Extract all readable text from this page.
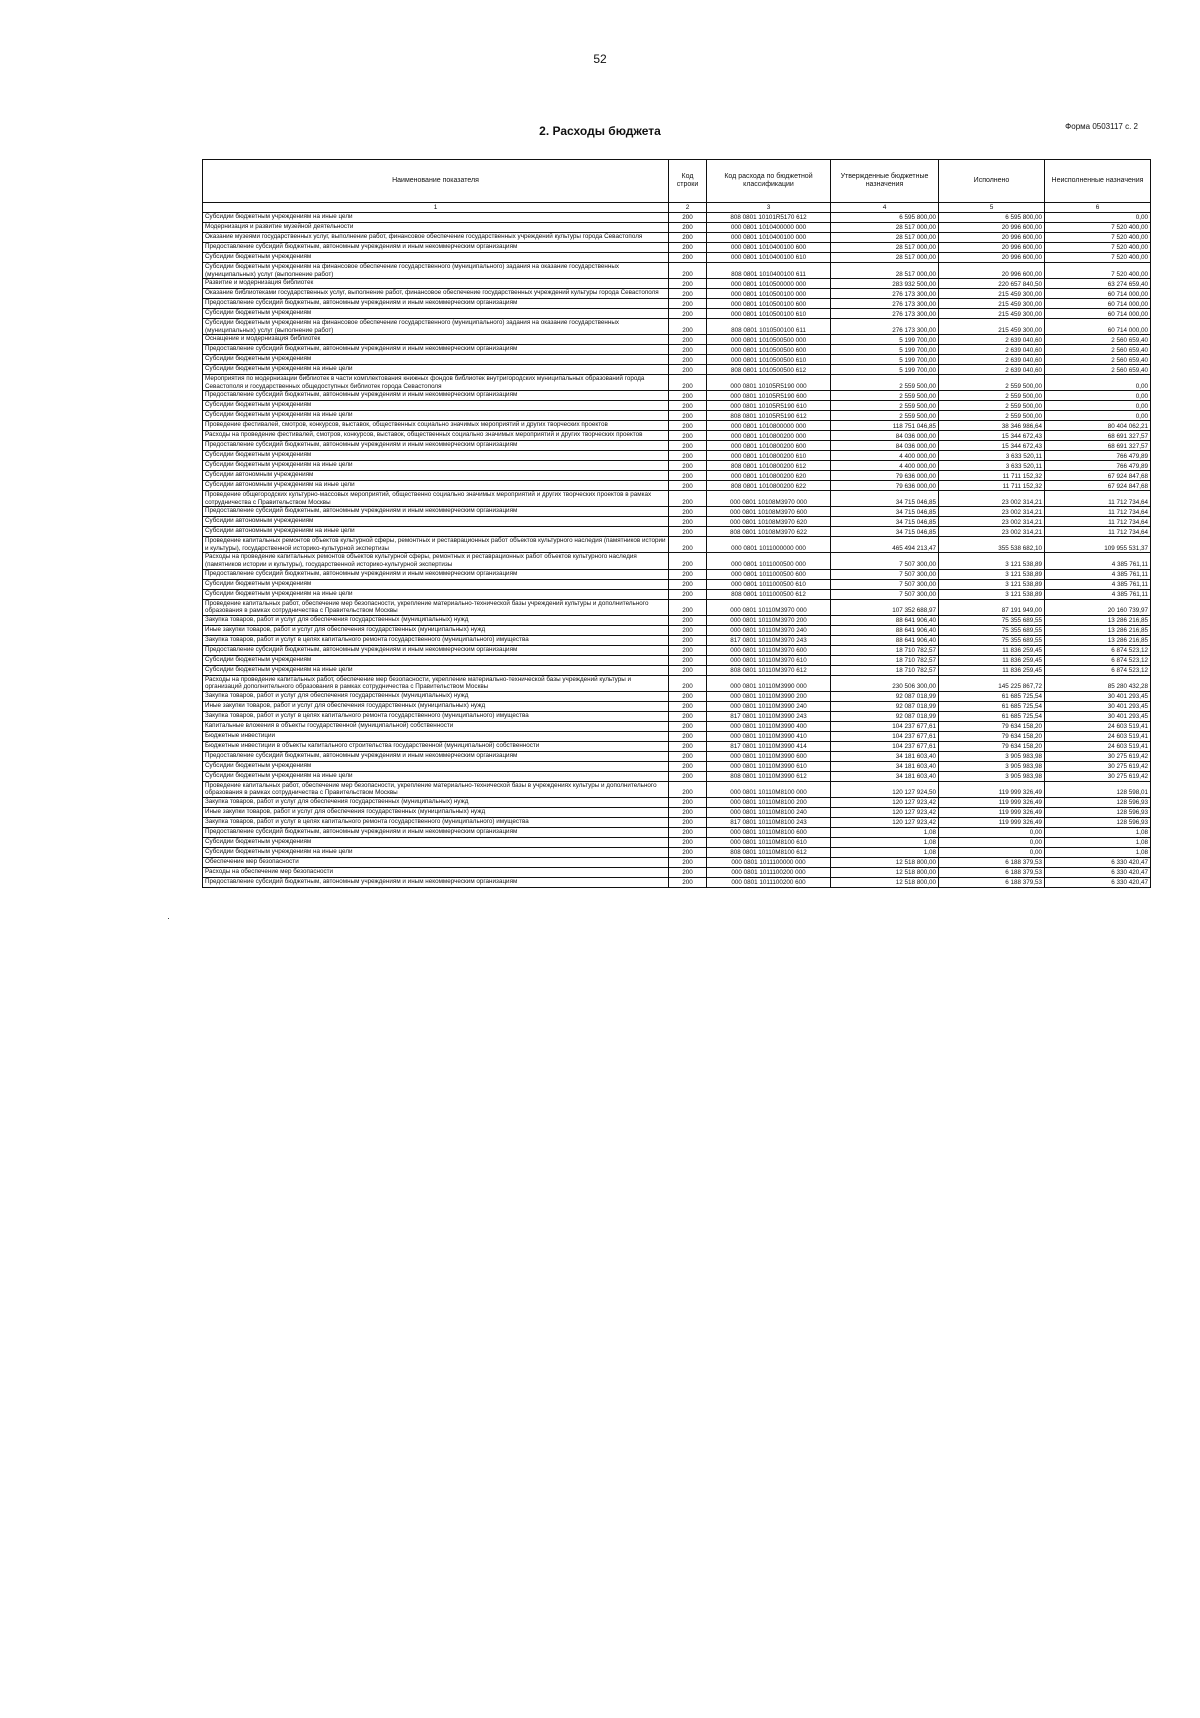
52
Форма 0503117 с. 2
2. Расходы бюджета
·
Наименование показателя	Код строки	Код расхода по бюджетной классификации	Утвержденные бюджетные назначения	Исполнено	Неисполненные назначения
1	2	3	4	5	6
Субсидии бюджетным учреждениям на иные цели	200	808 0801 10101R5170 612	6 595 800,00	6 595 800,00	0,00
Модернизация и развитие музейной деятельности	200	000 0801 1010400000 000	28 517 000,00	20 996 600,00	7 520 400,00
Оказание музеями государственных услуг, выполнение работ, финансовое обеспечение государственных учреждений культуры города Севастополя	200	000 0801 1010400100 000	28 517 000,00	20 996 600,00	7 520 400,00
Предоставление субсидий бюджетным, автономным учреждениям и иным некоммерческим организациям	200	000 0801 1010400100 600	28 517 000,00	20 996 600,00	7 520 400,00
Субсидии бюджетным учреждениям	200	000 0801 1010400100 610	28 517 000,00	20 996 600,00	7 520 400,00
Субсидии бюджетным учреждениям на финансовое обеспечение государственного (муниципального) задания на оказание государственных (муниципальных) услуг (выполнение работ)	200	808 0801 1010400100 611	28 517 000,00	20 996 600,00	7 520 400,00
Развитие и модернизация библиотек	200	000 0801 1010500000 000	283 932 500,00	220 657 840,50	63 274 659,40
Оказание библиотеками государственных услуг, выполнение работ, финансовое обеспечение государственных учреждений культуры города Севастополя	200	000 0801 1010500100 000	276 173 300,00	215 459 300,00	60 714 000,00
Предоставление субсидий бюджетным, автономным учреждениям и иным некоммерческим организациям	200	000 0801 1010500100 600	276 173 300,00	215 459 300,00	60 714 000,00
Субсидии бюджетным учреждениям	200	000 0801 1010500100 610	276 173 300,00	215 459 300,00	60 714 000,00
Субсидии бюджетным учреждениям на финансовое обеспечение государственного (муниципального) задания на оказание государственных (муниципальных) услуг (выполнение работ)	200	808 0801 1010500100 611	276 173 300,00	215 459 300,00	60 714 000,00
Оснащение и модернизация библиотек	200	000 0801 1010500500 000	5 199 700,00	2 639 040,60	2 560 659,40
Предоставление субсидий бюджетным, автономным учреждениям и иным некоммерческим организациям	200	000 0801 1010500500 600	5 199 700,00	2 639 040,60	2 560 659,40
Субсидии бюджетным учреждениям	200	000 0801 1010500500 610	5 199 700,00	2 639 040,60	2 560 659,40
Субсидии бюджетным учреждениям на иные цели	200	808 0801 1010500500 612	5 199 700,00	2 639 040,60	2 560 659,40
Мероприятия по модернизации библиотек в части комплектования книжных фондов библиотек внутригородских муниципальных образований города Севастополя и государственных общедоступных библиотек города Севастополя	200	000 0801 10105R5190 000	2 559 500,00	2 559 500,00	0,00
Предоставление субсидий бюджетным, автономным учреждениям и иным некоммерческим организациям	200	000 0801 10105R5190 600	2 559 500,00	2 559 500,00	0,00
Субсидии бюджетным учреждениям	200	000 0801 10105R5190 610	2 559 500,00	2 559 500,00	0,00
Субсидии бюджетным учреждениям на иные цели	200	808 0801 10105R5190 612	2 559 500,00	2 559 500,00	0,00
Проведение фестивалей, смотров, конкурсов, выставок, общественных социально значимых мероприятий и других творческих проектов	200	000 0801 1010800000 000	118 751 046,85	38 346 986,64	80 404 062,21
Расходы на проведение фестивалей, смотров, конкурсов, выставок, общественных социально значимых мероприятий и других творческих проектов	200	000 0801 1010800200 000	84 036 000,00	15 344 672,43	68 691 327,57
Предоставление субсидий бюджетным, автономным учреждениям и иным некоммерческим организациям	200	000 0801 1010800200 600	84 036 000,00	15 344 672,43	68 691 327,57
Субсидии бюджетным учреждениям	200	000 0801 1010800200 610	4 400 000,00	3 633 520,11	766 479,89
Субсидии бюджетным учреждениям на иные цели	200	808 0801 1010800200 612	4 400 000,00	3 633 520,11	766 479,89
Субсидии автономным учреждениям	200	000 0801 1010800200 620	79 636 000,00	11 711 152,32	67 924 847,68
Субсидии автономным учреждениям на иные цели	200	808 0801 1010800200 622	79 636 000,00	11 711 152,32	67 924 847,68
Проведение общегородских культурно-массовых мероприятий, общественно социально значимых мероприятий и других творческих проектов в рамках сотрудничества с Правительством Москвы	200	000 0801 10108М3970 000	34 715 046,85	23 002 314,21	11 712 734,64
Предоставление субсидий бюджетным, автономным учреждениям и иным некоммерческим организациям	200	000 0801 10108М3970 600	34 715 046,85	23 002 314,21	11 712 734,64
Субсидии автономным учреждениям	200	000 0801 10108М3970 620	34 715 046,85	23 002 314,21	11 712 734,64
Субсидии автономным учреждениям на иные цели	200	808 0801 10108М3970 622	34 715 046,85	23 002 314,21	11 712 734,64
Проведение капитальных ремонтов объектов культурной сферы, ремонтных и реставрационных работ объектов культурного наследия (памятников истории и культуры), государственной историко-культурной экспертизы	200	000 0801 1011000000 000	465 494 213,47	355 538 682,10	109 955 531,37
Расходы на проведение капитальных ремонтов объектов культурной сферы, ремонтных и реставрационных работ объектов культурного наследия (памятников истории и культуры), государственной историко-культурной экспертизы	200	000 0801 1011000500 000	7 507 300,00	3 121 538,89	4 385 761,11
Предоставление субсидий бюджетным, автономным учреждениям и иным некоммерческим организациям	200	000 0801 1011000500 600	7 507 300,00	3 121 538,89	4 385 761,11
Субсидии бюджетным учреждениям	200	000 0801 1011000500 610	7 507 300,00	3 121 538,89	4 385 761,11
Субсидии бюджетным учреждениям на иные цели	200	808 0801 1011000500 612	7 507 300,00	3 121 538,89	4 385 761,11
Проведение капитальных работ, обеспечение мер безопасности, укрепление материально-технической базы учреждений культуры и дополнительного образования в рамках сотрудничества с Правительством Москвы	200	000 0801 10110М3970 000	107 352 688,97	87 191 949,00	20 160 739,97
Закупка товаров, работ и услуг для обеспечения государственных (муниципальных) нужд	200	000 0801 10110М3970 200	88 641 906,40	75 355 689,55	13 286 216,85
Иные закупки товаров, работ и услуг для обеспечения государственных (муниципальных) нужд	200	000 0801 10110М3970 240	88 641 906,40	75 355 689,55	13 286 216,85
Закупка товаров, работ и услуг в целях капитального ремонта государственного (муниципального) имущества	200	817 0801 10110М3970 243	88 641 906,40	75 355 689,55	13 286 216,85
Предоставление субсидий бюджетным, автономным учреждениям и иным некоммерческим организациям	200	000 0801 10110М3970 600	18 710 782,57	11 836 259,45	6 874 523,12
Субсидии бюджетным учреждениям	200	000 0801 10110М3970 610	18 710 782,57	11 836 259,45	6 874 523,12
Субсидии бюджетным учреждениям на иные цели	200	808 0801 10110М3970 612	18 710 782,57	11 836 259,45	6 874 523,12
Расходы на проведение капитальных работ, обеспечение мер безопасности, укрепление материально-технической базы учреждений культуры и организаций дополнительного образования в рамках сотрудничества с Правительством Москвы	200	000 0801 10110М3990 000	230 506 300,00	145 225 867,72	85 280 432,28
Закупка товаров, работ и услуг для обеспечения государственных (муниципальных) нужд	200	000 0801 10110М3990 200	92 087 018,99	61 685 725,54	30 401 293,45
Иные закупки товаров, работ и услуг для обеспечения государственных (муниципальных) нужд	200	000 0801 10110М3990 240	92 087 018,99	61 685 725,54	30 401 293,45
Закупка товаров, работ и услуг в целях капитального ремонта государственного (муниципального) имущества	200	817 0801 10110М3990 243	92 087 018,99	61 685 725,54	30 401 293,45
Капитальные вложения в объекты государственной (муниципальной) собственности	200	000 0801 10110М3990 400	104 237 677,61	79 634 158,20	24 603 519,41
Бюджетные инвестиции	200	000 0801 10110М3990 410	104 237 677,61	79 634 158,20	24 603 519,41
Бюджетные инвестиции в объекты капитального строительства государственной (муниципальной) собственности	200	817 0801 10110М3990 414	104 237 677,61	79 634 158,20	24 603 519,41
Предоставление субсидий бюджетным, автономным учреждениям и иным некоммерческим организациям	200	000 0801 10110М3990 600	34 181 603,40	3 905 983,98	30 275 619,42
Субсидии бюджетным учреждениям	200	000 0801 10110М3990 610	34 181 603,40	3 905 983,98	30 275 619,42
Субсидии бюджетным учреждениям на иные цели	200	808 0801 10110М3990 612	34 181 603,40	3 905 983,98	30 275 619,42
Проведение капитальных работ, обеспечение мер безопасности, укрепление материально-технической базы в учреждениях культуры и дополнительного образования в рамках сотрудничества с Правительством Москвы	200	000 0801 10110М8100 000	120 127 924,50	119 999 326,49	128 598,01
Закупка товаров, работ и услуг для обеспечения государственных (муниципальных) нужд	200	000 0801 10110М8100 200	120 127 923,42	119 999 326,49	128 596,93
Иные закупки товаров, работ и услуг для обеспечения государственных (муниципальных) нужд	200	000 0801 10110М8100 240	120 127 923,42	119 999 326,49	128 596,93
Закупка товаров, работ и услуг в целях капитального ремонта государственного (муниципального) имущества	200	817 0801 10110М8100 243	120 127 923,42	119 999 326,49	128 596,93
Предоставление субсидий бюджетным, автономным учреждениям и иным некоммерческим организациям	200	000 0801 10110М8100 600	1,08	0,00	1,08
Субсидии бюджетным учреждениям	200	000 0801 10110М8100 610	1,08	0,00	1,08
Субсидии бюджетным учреждениям на иные цели	200	808 0801 10110М8100 612	1,08	0,00	1,08
Обеспечение мер безопасности	200	000 0801 1011100000 000	12 518 800,00	6 188 379,53	6 330 420,47
Расходы на обеспечение мер безопасности	200	000 0801 1011100200 000	12 518 800,00	6 188 379,53	6 330 420,47
Предоставление субсидий бюджетным, автономным учреждениям и иным некоммерческим организациям	200	000 0801 1011100200 600	12 518 800,00	6 188 379,53	6 330 420,47
